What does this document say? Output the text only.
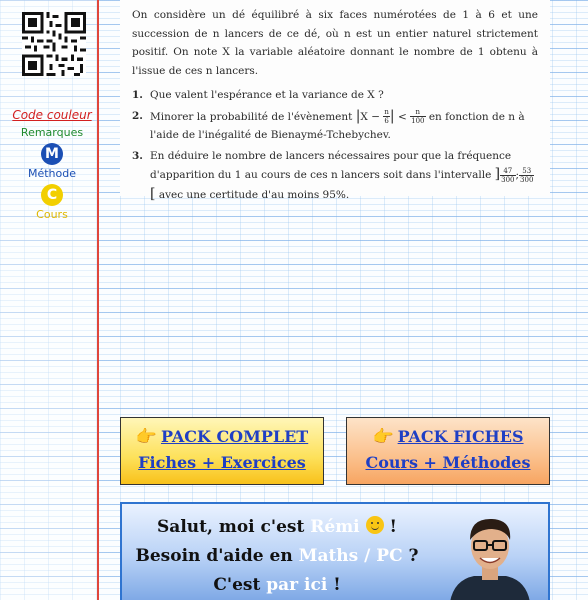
Code couleur
Remarques
M
Méthode
C
Cours

On considère un dé équilibré à six faces numérotées de 1 à 6 et une succession de n lancers de ce dé, où n est un entier naturel strictement positif. On note X la variable aléatoire donnant le nombre de 1 obtenu à l'issue de ces n lancers.

1. Que valent l'espérance et la variance de X ?
2. Minorer la probabilité de l'évènement $|X - \frac{n}{6}$ | < $\frac{n}{100}$ en fonction de n à l'aide de l'inégalité de Bienaymé-Tchebychev.
3. En déduire le nombre de lancers nécessaires pour que la fréquence d'apparition du 1 au cours de ces n lancers soit dans l'intervalle ] $\frac{47}{300}$ ; $\frac{53}{300}$
[ avec une certitude d'au moins 95%.
👉 PACK COMPLET
Fiches + Exercices
👉 PACK FICHES
Cours + Méthodes
Salut, moi c'est Rémi  !
Besoin d'aide en Maths / PC ?
C'est par ici !
